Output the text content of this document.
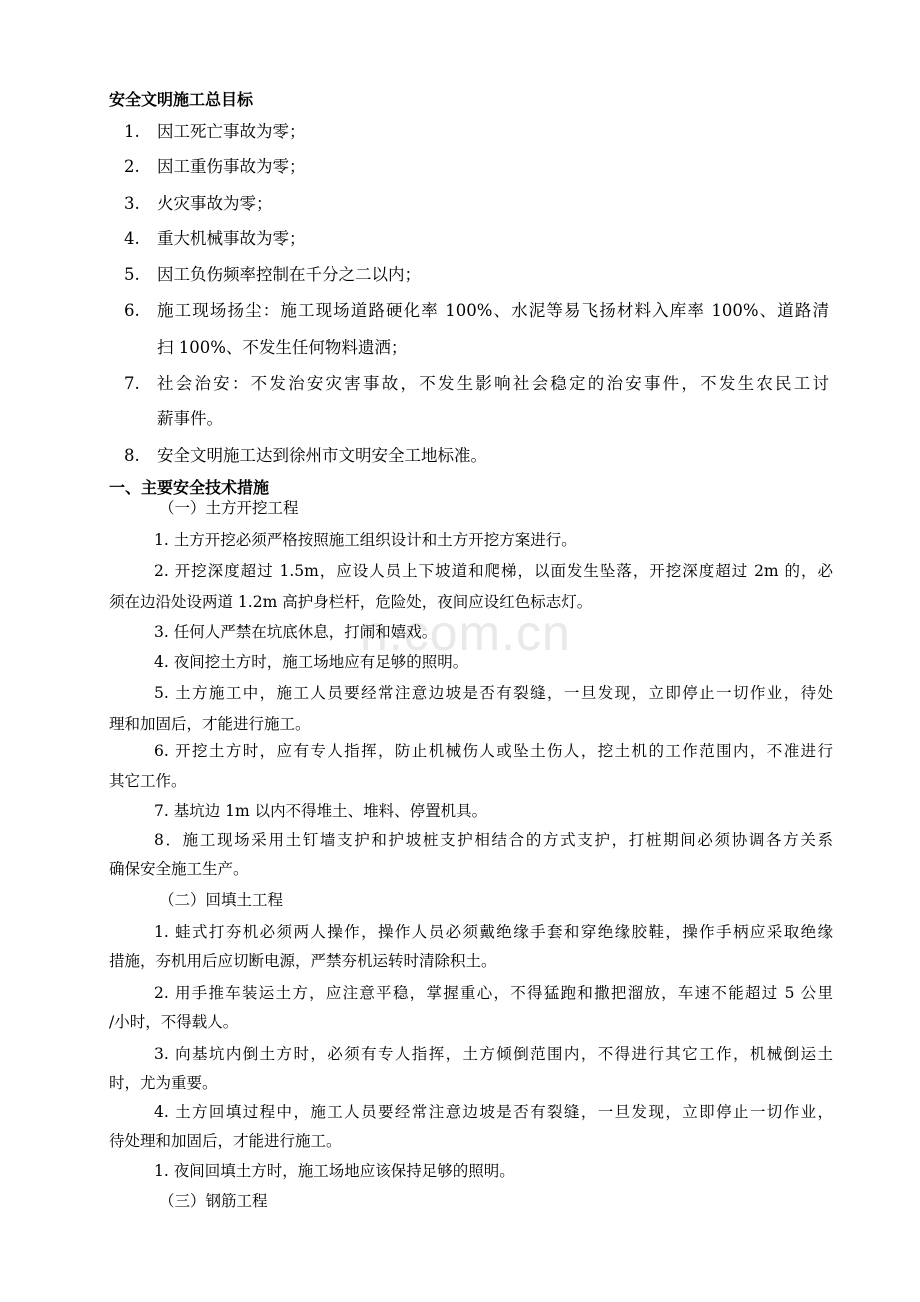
n.com.cn
安全文明施工总目标
1. 因工死亡事故为零；
2. 因工重伤事故为零；
3. 火灾事故为零；
4. 重大机械事故为零；
5. 因工负伤频率控制在千分之二以内；
6. 施工现场扬尘：施工现场道路硬化率 100%、水泥等易飞扬材料入库率 100%、道路清
扫 100%、不发生任何物料遗洒；
7. 社会治安：不发治安灾害事故，不发生影响社会稳定的治安事件，不发生农民工讨
薪事件。
8. 安全文明施工达到徐州市文明安全工地标准。
一、主要安全技术措施
（一）土方开挖工程
1. 土方开挖必须严格按照施工组织设计和土方开挖方案进行。
2. 开挖深度超过 1.5m，应设人员上下坡道和爬梯，以面发生坠落，开挖深度超过 2m 的，必
须在边沿处设两道 1.2m 高护身栏杆，危险处，夜间应设红色标志灯。
3. 任何人严禁在坑底休息，打闹和嬉戏。
4. 夜间挖土方时，施工场地应有足够的照明。
5. 土方施工中，施工人员要经常注意边坡是否有裂缝，一旦发现，立即停止一切作业，待处
理和加固后，才能进行施工。
6. 开挖土方时，应有专人指挥，防止机械伤人或坠土伤人，挖土机的工作范围内，不准进行
其它工作。
7. 基坑边 1m 以内不得堆土、堆料、停置机具。
8．施工现场采用土钉墙支护和护坡桩支护相结合的方式支护，打桩期间必须协调各方关系
确保安全施工生产。
（二）回填土工程
1. 蛙式打夯机必须两人操作，操作人员必须戴绝缘手套和穿绝缘胶鞋，操作手柄应采取绝缘
措施，夯机用后应切断电源，严禁夯机运转时清除积土。
2. 用手推车装运土方，应注意平稳，掌握重心，不得猛跑和撒把溜放，车速不能超过 5 公里
/小时，不得载人。
3. 向基坑内倒土方时，必须有专人指挥，土方倾倒范围内，不得进行其它工作，机械倒运土
时，尤为重要。
4. 土方回填过程中，施工人员要经常注意边坡是否有裂缝，一旦发现，立即停止一切作业，
待处理和加固后，才能进行施工。
1. 夜间回填土方时，施工场地应该保持足够的照明。
（三）钢筋工程
